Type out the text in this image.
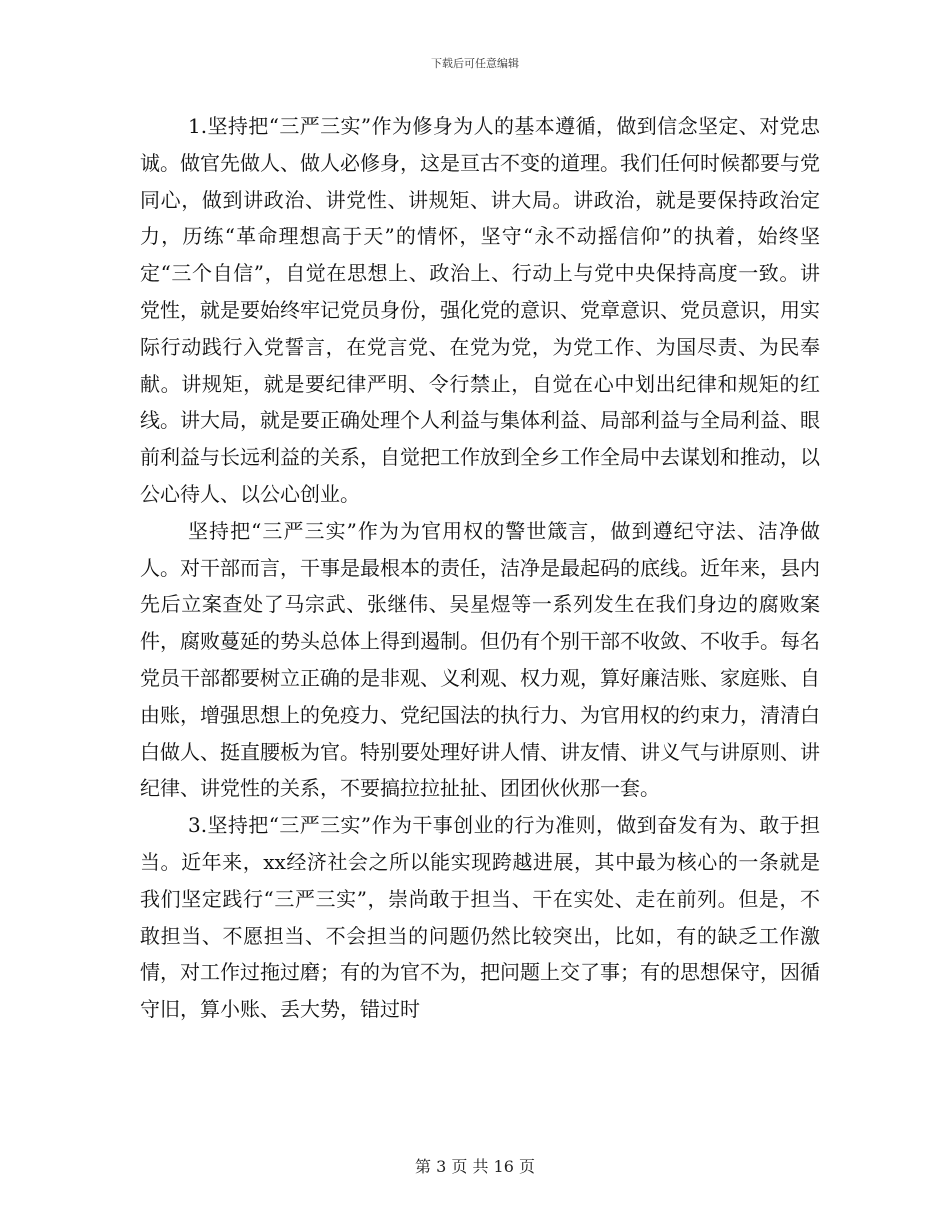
下载后可任意编辑

1.坚持把“三严三实”作为修身为人的基本遵循，做到信念坚定、对党忠诚。做官先做人、做人必修身，这是亘古不变的道理。我们任何时候都要与党同心，做到讲政治、讲党性、讲规矩、讲大局。讲政治，就是要保持政治定力，历练“革命理想高于天”的情怀，坚守“永不动摇信仰”的执着，始终坚定“三个自信”，自觉在思想上、政治上、行动上与党中央保持高度一致。讲党性，就是要始终牢记党员身份，强化党的意识、党章意识、党员意识，用实际行动践行入党誓言，在党言党、在党为党，为党工作、为国尽责、为民奉献。讲规矩，就是要纪律严明、令行禁止，自觉在心中划出纪律和规矩的红线。讲大局，就是要正确处理个人利益与集体利益、局部利益与全局利益、眼前利益与长远利益的关系，自觉把工作放到全乡工作全局中去谋划和推动，以公心待人、以公心创业。

坚持把“三严三实”作为为官用权的警世箴言，做到遵纪守法、洁净做人。对干部而言，干事是最根本的责任，洁净是最起码的底线。近年来，县内先后立案查处了马宗武、张继伟、吴星煜等一系列发生在我们身边的腐败案件，腐败蔓延的势头总体上得到遏制。但仍有个别干部不收敛、不收手。每名党员干部都要树立正确的是非观、义利观、权力观，算好廉洁账、家庭账、自由账，增强思想上的免疫力、党纪国法的执行力、为官用权的约束力，清清白白做人、挺直腰板为官。特别要处理好讲人情、讲友情、讲义气与讲原则、讲纪律、讲党性的关系，不要搞拉拉扯扯、团团伙伙那一套。

3.坚持把“三严三实”作为干事创业的行为准则，做到奋发有为、敢于担当。近年来，xx经济社会之所以能实现跨越进展，其中最为核心的一条就是我们坚定践行“三严三实”，崇尚敢于担当、干在实处、走在前列。但是，不敢担当、不愿担当、不会担当的问题仍然比较突出，比如，有的缺乏工作激情，对工作过拖过磨；有的为官不为，把问题上交了事；有的思想保守，因循守旧，算小账、丢大势，错过时

第 3 页 共 16 页
